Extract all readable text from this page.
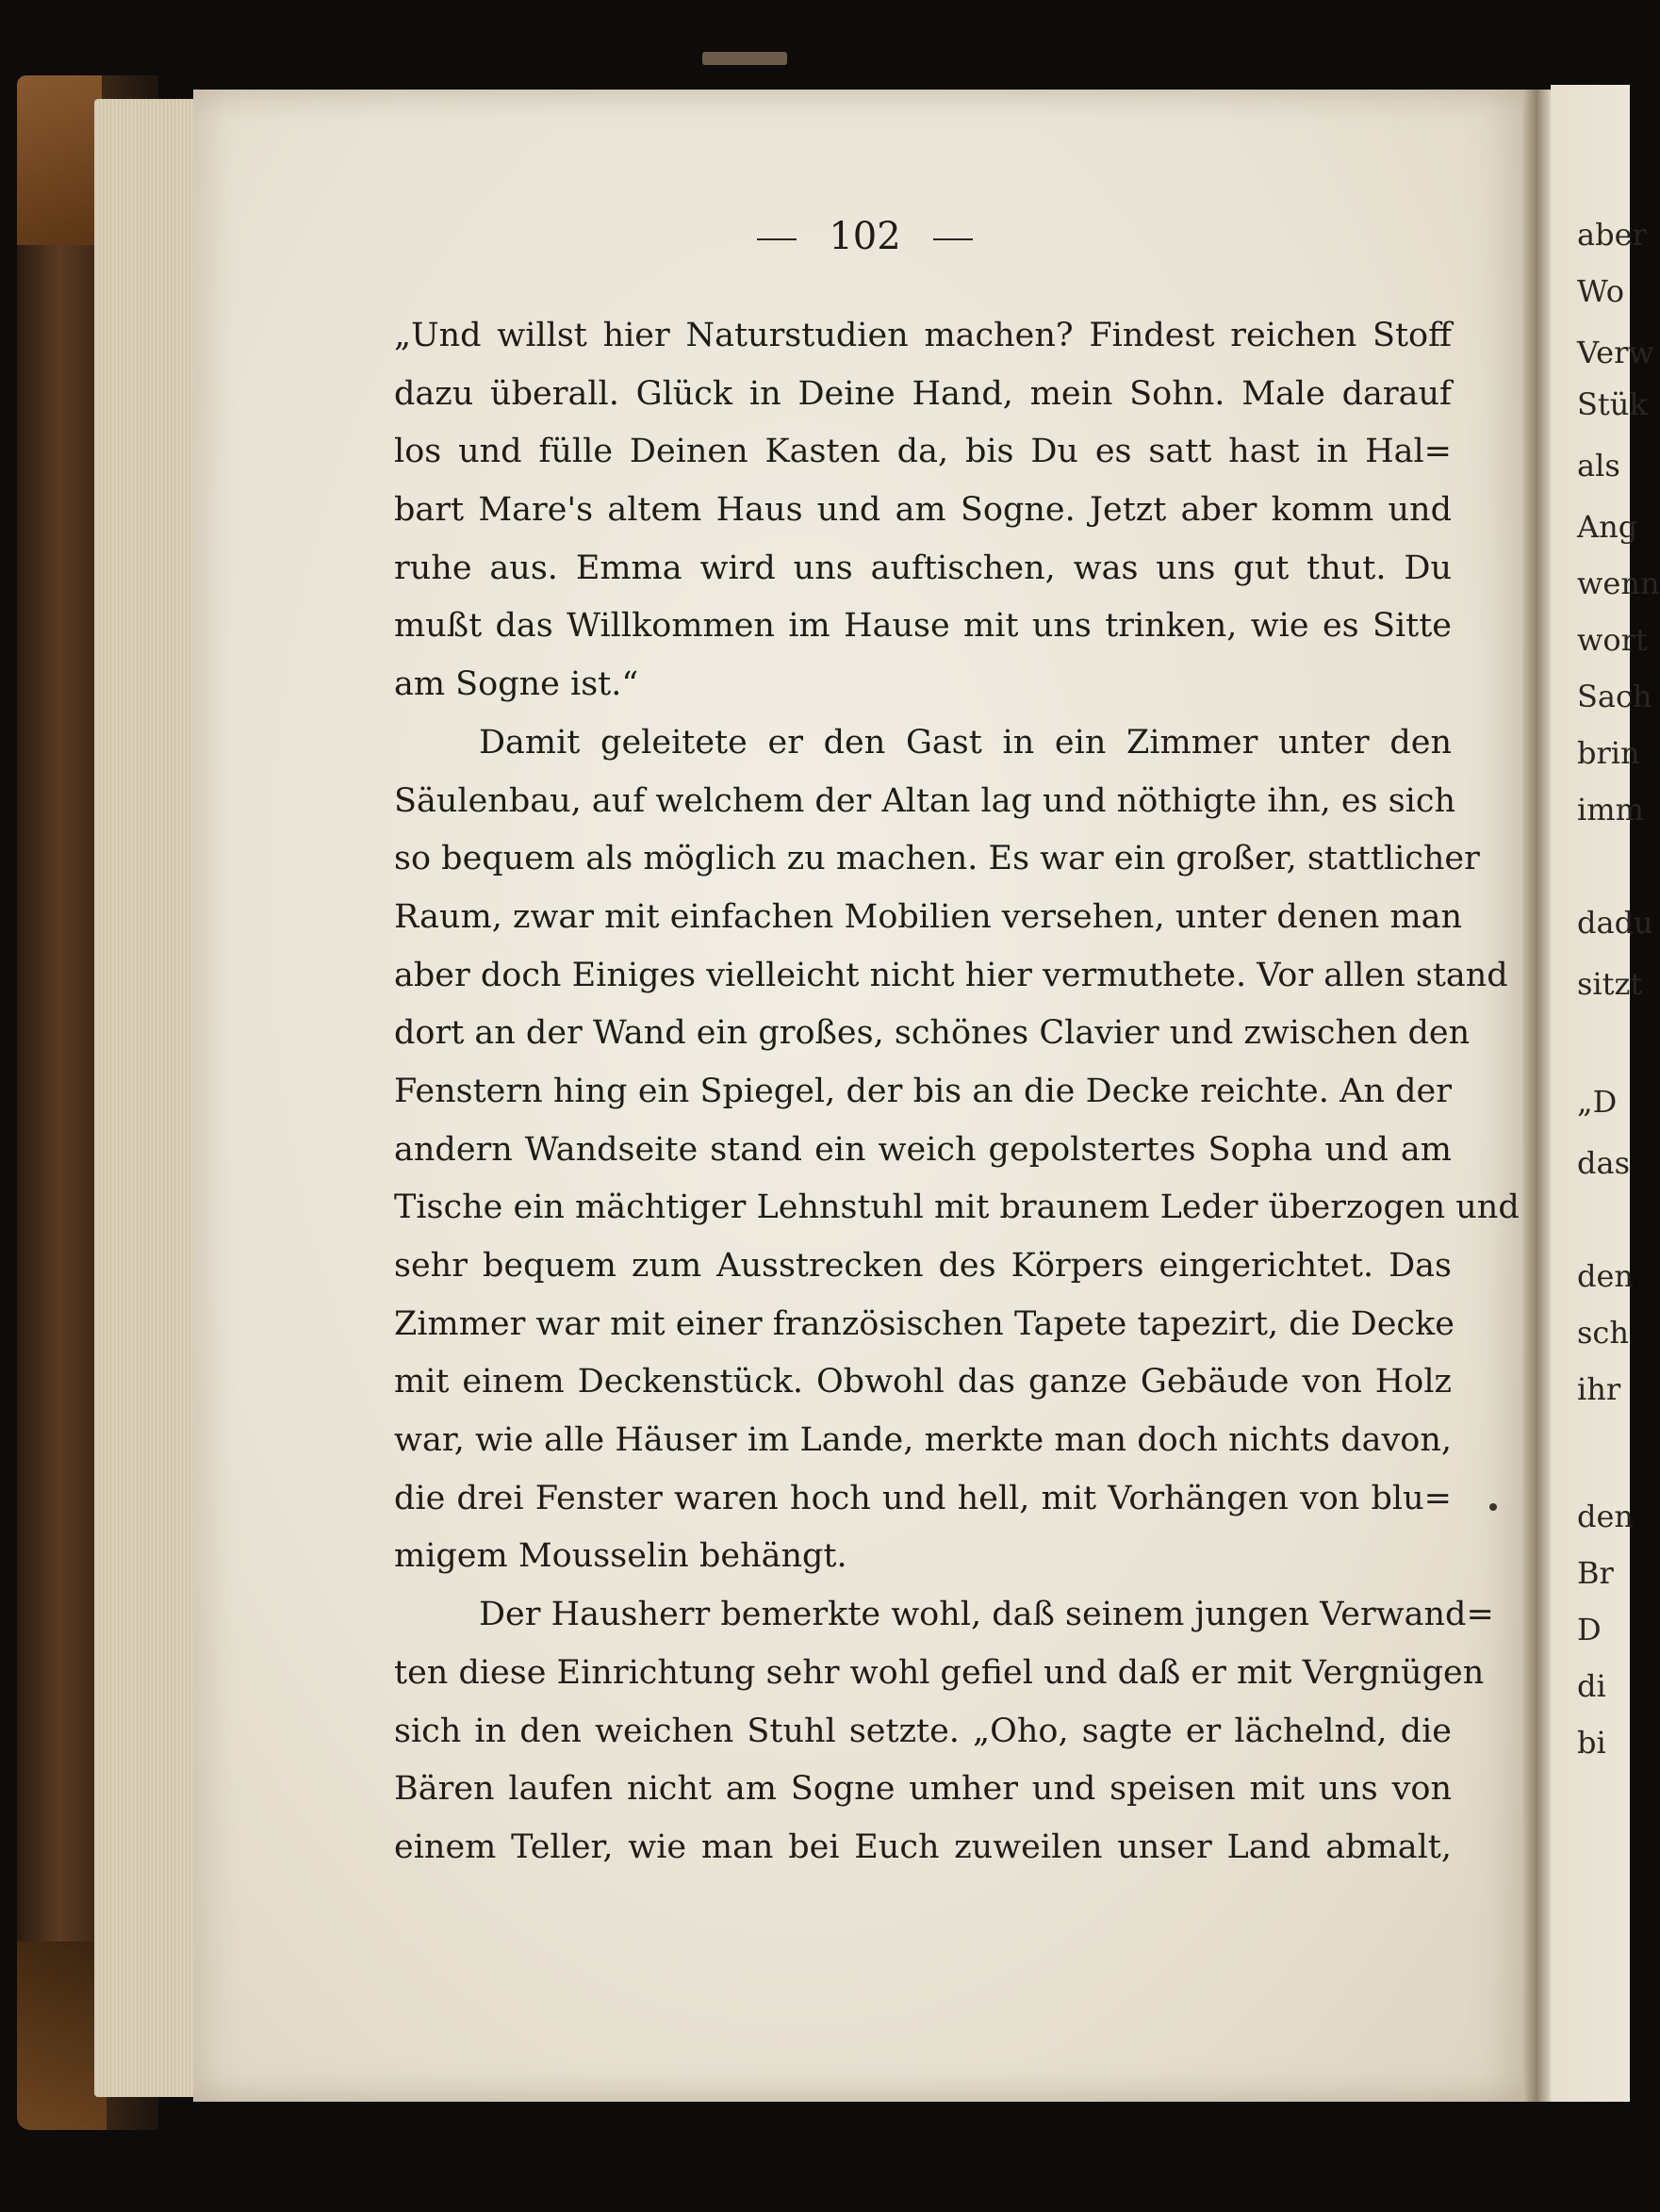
aber
Wo
Verw
Stük
als
Ang
wenn
wort
Sach
brin
imm
dadu
sitzt
„D
das
den
sch
ihr
den
Br
D
di
bi
102
„Und willst hier Naturstudien machen? Findest reichen Stoff
dazu überall. Glück in Deine Hand, mein Sohn. Male darauf
los und fülle Deinen Kasten da, bis Du es satt hast in Hal=
bart Mare's altem Haus und am Sogne. Jetzt aber komm und
ruhe aus. Emma wird uns auftischen, was uns gut thut. Du
mußt das Willkommen im Hause mit uns trinken, wie es Sitte
am Sogne ist.“
Damit geleitete er den Gast in ein Zimmer unter den
Säulenbau, auf welchem der Altan lag und nöthigte ihn, es sich
so bequem als möglich zu machen. Es war ein großer, stattlicher
Raum, zwar mit einfachen Mobilien versehen, unter denen man
aber doch Einiges vielleicht nicht hier vermuthete. Vor allen stand
dort an der Wand ein großes, schönes Clavier und zwischen den
Fenstern hing ein Spiegel, der bis an die Decke reichte. An der
andern Wandseite stand ein weich gepolstertes Sopha und am
Tische ein mächtiger Lehnstuhl mit braunem Leder überzogen und
sehr bequem zum Ausstrecken des Körpers eingerichtet. Das
Zimmer war mit einer französischen Tapete tapezirt, die Decke
mit einem Deckenstück. Obwohl das ganze Gebäude von Holz
war, wie alle Häuser im Lande, merkte man doch nichts davon,
die drei Fenster waren hoch und hell, mit Vorhängen von blu=
migem Mousselin behängt.
Der Hausherr bemerkte wohl, daß seinem jungen Verwand=
ten diese Einrichtung sehr wohl gefiel und daß er mit Vergnügen
sich in den weichen Stuhl setzte. „Oho, sagte er lächelnd, die
Bären laufen nicht am Sogne umher und speisen mit uns von
einem Teller, wie man bei Euch zuweilen unser Land abmalt,
